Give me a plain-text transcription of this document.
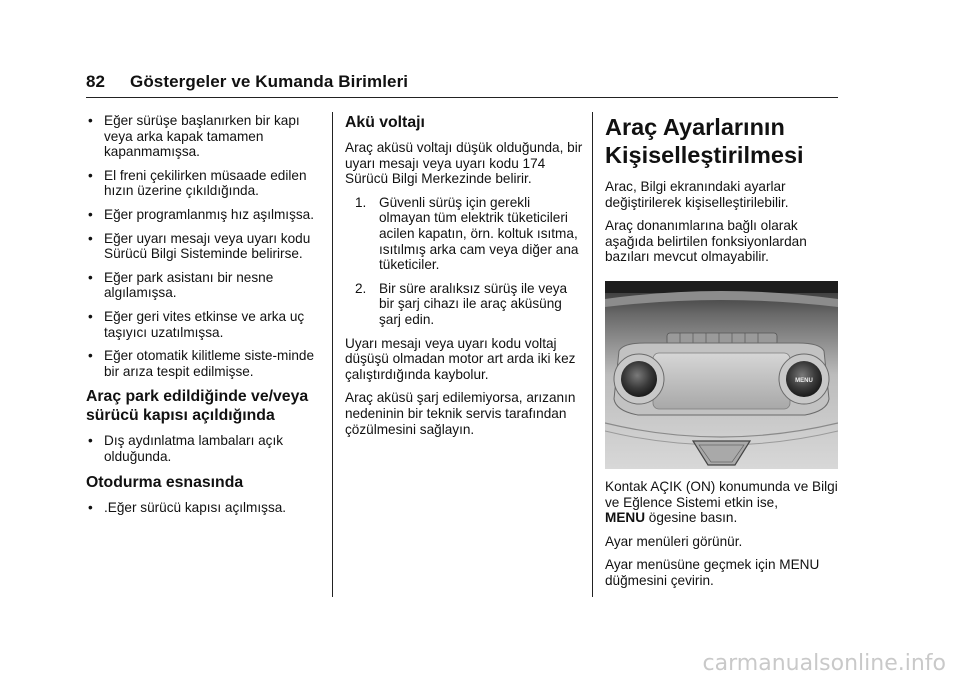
82 Göstergeler ve Kumanda Birimleri
• Eğer sürüşe başlanırken bir kapı veya arka kapak tamamen kapanmamışsa.
• El freni çekilirken müsaade edilen hızın üzerine çıkıldığında.
• Eğer programlanmış hız aşılmışsa.
• Eğer uyarı mesajı veya uyarı kodu Sürücü Bilgi Sisteminde belirirse.
• Eğer park asistanı bir nesne algılamışsa.
• Eğer geri vites etkinse ve arka uç taşıyıcı uzatılmışsa.
• Eğer otomatik kilitleme siste-minde bir arıza tespit edilmişse.
Araç park edildiğinde ve/veya sürücü kapısı açıldığında
• Dış aydınlatma lambaları açık olduğunda.
Otodurma esnasında
• .Eğer sürücü kapısı açılmışsa.
Akü voltajı

Araç aküsü voltajı düşük olduğunda, bir uyarı mesajı veya uyarı kodu 174 Sürücü Bilgi Merkezinde belirir.

1. Güvenli sürüş için gerekli olmayan tüm elektrik tüketicileri acilen kapatın, örn. koltuk ısıtma, ısıtılmış arka cam veya diğer ana tüketiciler.
2. Bir süre aralıksız sürüş ile veya bir şarj cihazı ile araç aküsüng şarj edin.

Uyarı mesajı veya uyarı kodu voltaj düşüşü olmadan motor art arda iki kez çalıştırdığında kaybolur.

Araç aküsü şarj edilemiyorsa, arızanın nedeninin bir teknik servis tarafından çözülmesini sağlayın.

Araç Ayarlarının Kişiselleştirilmesi

Arac, Bilgi ekranındaki ayarlar değiştirilerek kişiselleştirilebilir.

Araç donanımlarına bağlı olarak aşağıda belirtilen fonksiyonlardan bazıları mevcut olmayabilir.

MENU

Kontak AÇIK (ON) konumunda ve Bilgi ve Eğlence Sistemi etkin ise,
MENU ögesine basın.

Ayar menüleri görünür.

Ayar menüsüne geçmek için MENU düğmesini çevirin.

carmanualsonline.info
